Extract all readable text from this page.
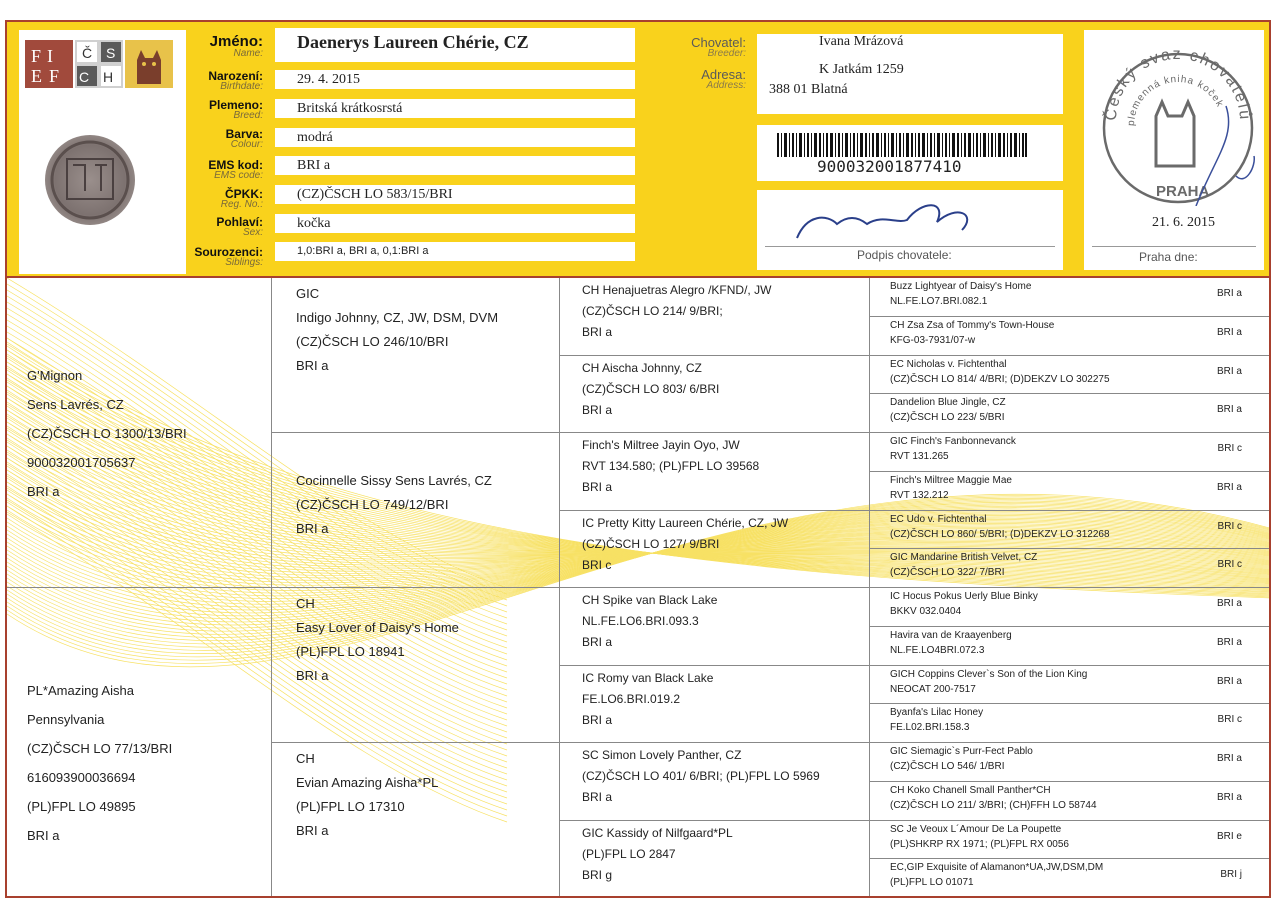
F I
E F
Č S
C H
Jméno:
Name:
Narození:
Birthdate:
Plemeno:
Breed:
Barva:
Colour:
EMS kod:
EMS code:
ČPKK:
Reg. No.:
Pohlaví:
Sex:
Sourozenci:
Siblings:
Daenerys Laureen Chérie, CZ
29. 4. 2015
Britská krátkosrstá
modrá
BRI a
(CZ)ČSCH LO 583/15/BRI
kočka
1,0:BRI a, BRI a, 0,1:BRI a
Chovatel:
Breeder:
Adresa:
Address:
Ivana Mrázová
K Jatkám 1259
388 01 Blatná
900032001877410
Podpis chovatele:
Český svaz chovatelů
plemenná kniha koček
PRAHA
21. 6. 2015
Praha dne:
G'Mignon
Sens Lavrés, CZ
(CZ)ČSCH LO 1300/13/BRI
900032001705637
BRI a
PL*Amazing Aisha
Pennsylvania
(CZ)ČSCH LO 77/13/BRI
616093900036694
(PL)FPL LO 49895
BRI a
GIC
Indigo Johnny, CZ, JW, DSM, DVM
(CZ)ČSCH LO 246/10/BRI
BRI a
Cocinnelle Sissy Sens Lavrés, CZ
(CZ)ČSCH LO 749/12/BRI
BRI a
CH
Easy Lover of Daisy's Home
(PL)FPL LO 18941
BRI a
CH
Evian Amazing Aisha*PL
(PL)FPL LO 17310
BRI a
CH Henajuetras Alegro /KFND/, JW
(CZ)ČSCH LO 214/ 9/BRI;
BRI a
CH Aischa Johnny, CZ
(CZ)ČSCH LO 803/ 6/BRI
BRI a
Finch's Miltree Jayin Oyo, JW
RVT 134.580; (PL)FPL LO 39568
BRI a
IC Pretty Kitty Laureen Chérie, CZ, JW
(CZ)ČSCH LO 127/ 9/BRI
BRI c
CH Spike van Black Lake
NL.FE.LO6.BRI.093.3
BRI a
IC Romy van Black Lake
FE.LO6.BRI.019.2
BRI a
SC Simon Lovely Panther, CZ
(CZ)ČSCH LO 401/ 6/BRI; (PL)FPL LO 5969
BRI a
GIC Kassidy of Nilfgaard*PL
(PL)FPL LO 2847
BRI g
Buzz Lightyear of Daisy's Home
NL.FE.LO7.BRI.082.1
BRI a
CH Zsa Zsa of Tommy's Town-House
KFG-03-7931/07-w
BRI a
EC Nicholas v. Fichtenthal
(CZ)ČSCH LO 814/ 4/BRI; (D)DEKZV LO 302275
BRI a
Dandelion Blue Jingle, CZ
(CZ)ČSCH LO 223/ 5/BRI
BRI a
GIC Finch's Fanbonnevanck
RVT 131.265
BRI c
Finch's Miltree Maggie Mae
RVT 132.212
BRI a
EC Udo v. Fichtenthal
(CZ)ČSCH LO 860/ 5/BRI; (D)DEKZV LO 312268
BRI c
GIC Mandarine British Velvet, CZ
(CZ)ČSCH LO 322/ 7/BRI
BRI c
IC Hocus Pokus Uerly Blue Binky
BKKV 032.0404
BRI a
Havira van de Kraayenberg
NL.FE.LO4BRI.072.3
BRI a
GICH Coppins Clever`s Son of the Lion King
NEOCAT 200-7517
BRI a
Byanfa's Lilac Honey
FE.L02.BRI.158.3
BRI c
GIC Siemagic`s Purr-Fect Pablo
(CZ)ČSCH LO 546/ 1/BRI
BRI a
CH Koko Chanell Small Panther*CH
(CZ)ČSCH LO 211/ 3/BRI; (CH)FFH LO 58744
BRI a
SC Je Veoux L´Amour De La Poupette
(PL)SHKRP RX 1971; (PL)FPL RX 0056
BRI e
EC,GIP Exquisite of Alamanon*UA,JW,DSM,DM
(PL)FPL LO 01071
BRI j
